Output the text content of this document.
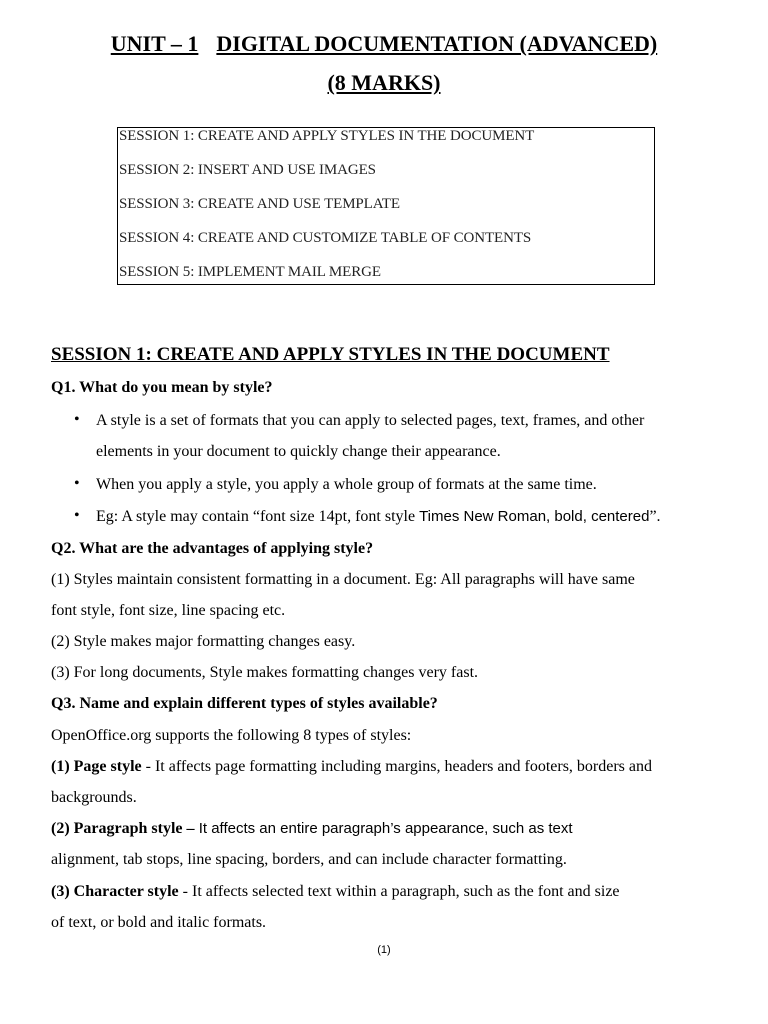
UNIT – 1 DIGITAL DOCUMENTATION (ADVANCED)
(8 MARKS)
SESSION 1: CREATE AND APPLY STYLES IN THE DOCUMENT
SESSION 2: INSERT AND USE IMAGES
SESSION 3: CREATE AND USE TEMPLATE
SESSION 4: CREATE AND CUSTOMIZE TABLE OF CONTENTS
SESSION 5: IMPLEMENT MAIL MERGE
SESSION 1: CREATE AND APPLY STYLES IN THE DOCUMENT
Q1. What do you mean by style?
• A style is a set of formats that you can apply to selected pages, text, frames, and other
elements in your document to quickly change their appearance.
• When you apply a style, you apply a whole group of formats at the same time.
• Eg: A style may contain “font size 14pt, font style Times New Roman, bold, centered”.
Q2. What are the advantages of applying style?
(1) Styles maintain consistent formatting in a document. Eg: All paragraphs will have same
font style, font size, line spacing etc.
(2) Style makes major formatting changes easy.
(3) For long documents, Style makes formatting changes very fast.
Q3. Name and explain different types of styles available?
OpenOffice.org supports the following 8 types of styles:
(1) Page style - It affects page formatting including margins, headers and footers, borders and
backgrounds.
(2) Paragraph style – It affects an entire paragraph’s appearance, such as text
alignment, tab stops, line spacing, borders, and can include character formatting.
(3) Character style - It affects selected text within a paragraph, such as the font and size
of text, or bold and italic formats.
(1)
